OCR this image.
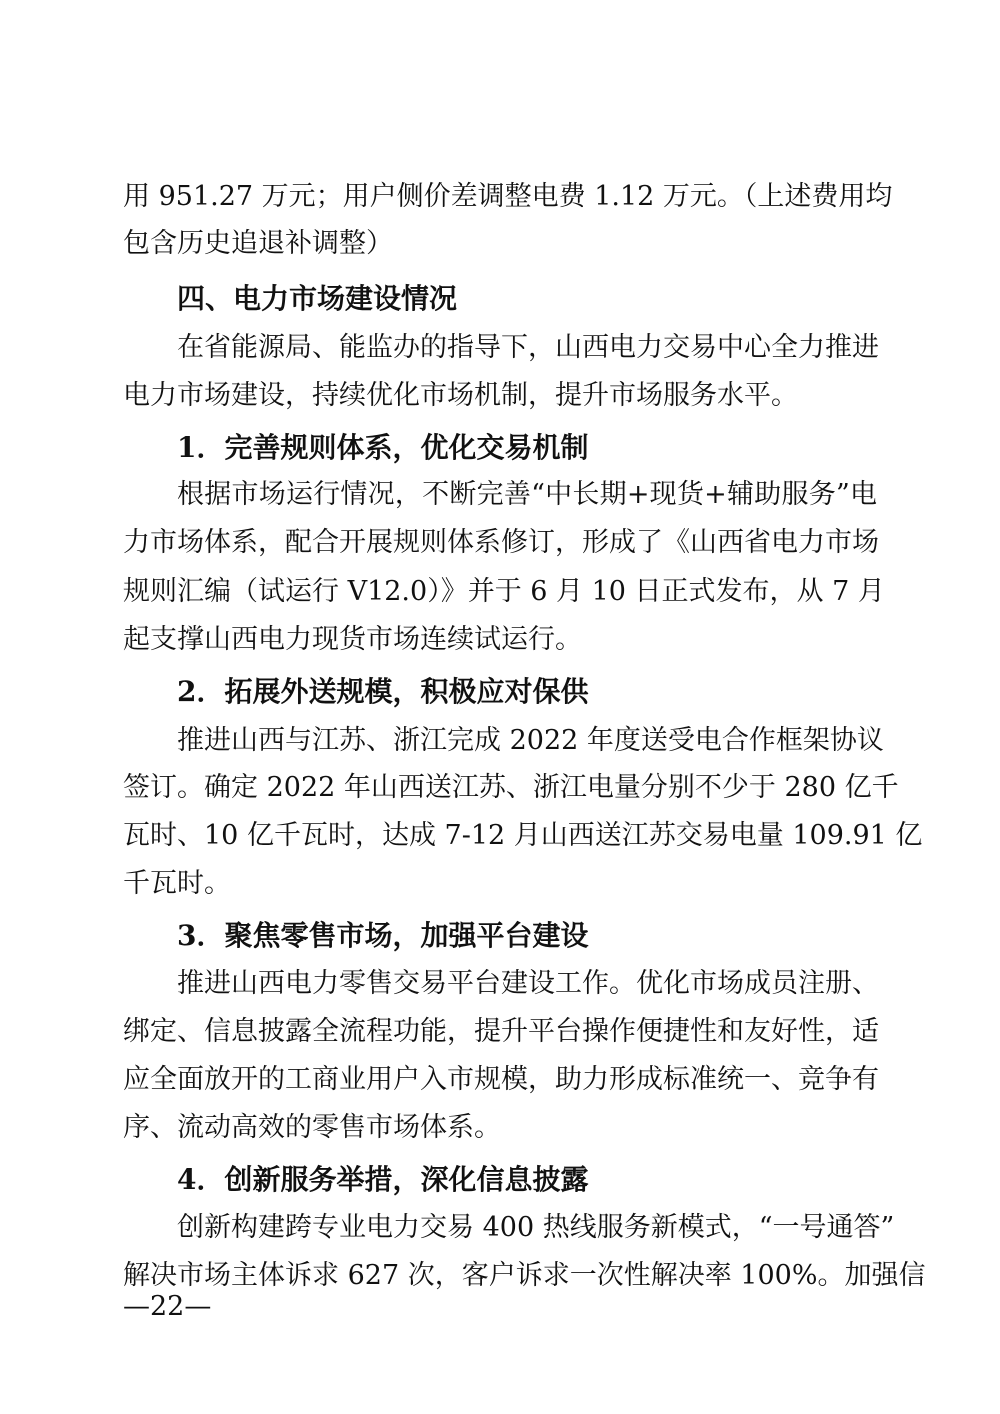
用 951.27 万元；用户侧价差调整电费 1.12 万元。（上述费用均
包含历史追退补调整）
四、电力市场建设情况
在省能源局、能监办的指导下，山西电力交易中心全力推进
电力市场建设，持续优化市场机制，提升市场服务水平。
1．完善规则体系，优化交易机制
根据市场运行情况，不断完善“中长期+现货+辅助服务”电
力市场体系，配合开展规则体系修订，形成了《山西省电力市场
规则汇编（试运行 V12.0）》并于 6 月 10 日正式发布，从 7 月
起支撑山西电力现货市场连续试运行。
2．拓展外送规模，积极应对保供
推进山西与江苏、浙江完成 2022 年度送受电合作框架协议
签订。确定 2022 年山西送江苏、浙江电量分别不少于 280 亿千
瓦时、10 亿千瓦时，达成 7-12 月山西送江苏交易电量 109.91 亿
千瓦时。
3．聚焦零售市场，加强平台建设
推进山西电力零售交易平台建设工作。优化市场成员注册、
绑定、信息披露全流程功能，提升平台操作便捷性和友好性，适
应全面放开的工商业用户入市规模，助力形成标准统一、竞争有
序、流动高效的零售市场体系。
4．创新服务举措，深化信息披露
创新构建跨专业电力交易 400 热线服务新模式，“一号通答”
解决市场主体诉求 627 次，客户诉求一次性解决率 100%。加强信
—22—
